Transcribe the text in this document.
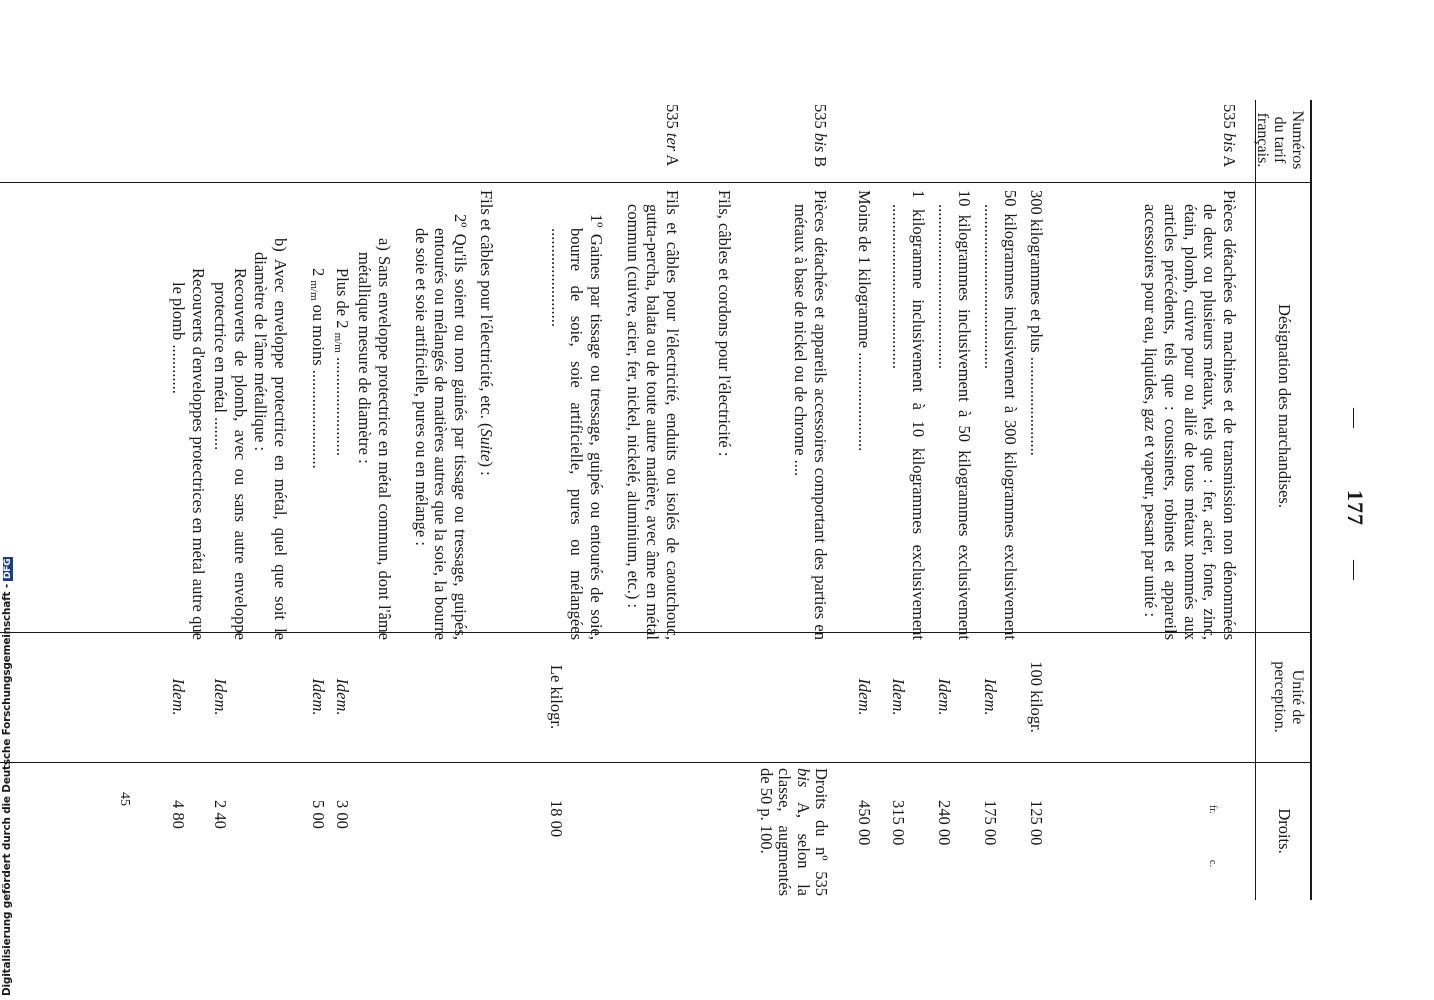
—
177
—
Numéros du tarif français.
Désignation des marchandises.
Unité de perception.
Droits.
fr.
c.
535 bis A
Pièces détachées de machines et de transmission non dénommées de deux ou plusieurs métaux, tels que : fer, acier, fonte, zinc, étain, plomb, cuivre pour ou allié de tous métaux nommés aux articles précédents, tels que : coussinets, robinets et appareils accessoires pour eau, liquides, gaz et vapeur, pesant par unité :
300 kilogrammes et plus ........................
100 kilogr.
125 00
50 kilogrammes inclusivement à 300 kilogrammes exclusivement ........................................
Idem.
175 00
10 kilogrammes inclusivement à 50 kilogrammes exclusivement ........................................
Idem.
240 00
1 kilogramme inclusivement à 10 kilogrammes exclusivement ........................................
Idem.
315 00
Moins de 1 kilogramme ........................
Idem.
450 00
535 bis B
Pièces détachées et appareils accessoires comportant des parties en métaux à base de nickel ou de chrome ....
Droits du nº 535 bis A, selon la classe, augmentés de 50 p. 100.
Fils, câbles et cordons pour l'électricité :
535 ter A
Fils et câbles pour l'électricité, enduits ou isolés de caoutchouc, gutta-percha, balata ou de toute autre matière, avec âme en métal commun (cuivre, acier, fer, nickel, nickelé, aluminium, etc.) :
1º Gaines par tissage ou tressage, guipés ou entourés de soie, bourre de soie, soie artificielle, pures ou mélangées ........................
Le kilogr.
18 00
Fils et câbles pour l'électricité, etc. (Suite) :
2º Qu'ils soient ou non gainés par tissage ou tressage, guipés, entourés ou mélangés de matières autres que la soie, la bourre de soie et soie artificielle, pures ou en mélange :
a) Sans enveloppe protectrice en métal commun, dont l'âme métallique mesure de diamètre :
Plus de 2 m/m ........................
Idem.
3 00
2 m/m ou moins ........................
Idem.
5 00
b) Avec enveloppe protectrice en métal, quel que soit le diamètre de l'âme métallique :
Recouverts de plomb, avec ou sans autre enveloppe protectrice en métal ........
Idem.
2 40
Recouverts d'enveloppes protectrices en métal autre que le plomb ............
Idem.
4 80
45
Digitalisierung gefördert durch die Deutsche Forschungsgemeinschaft -DFG
